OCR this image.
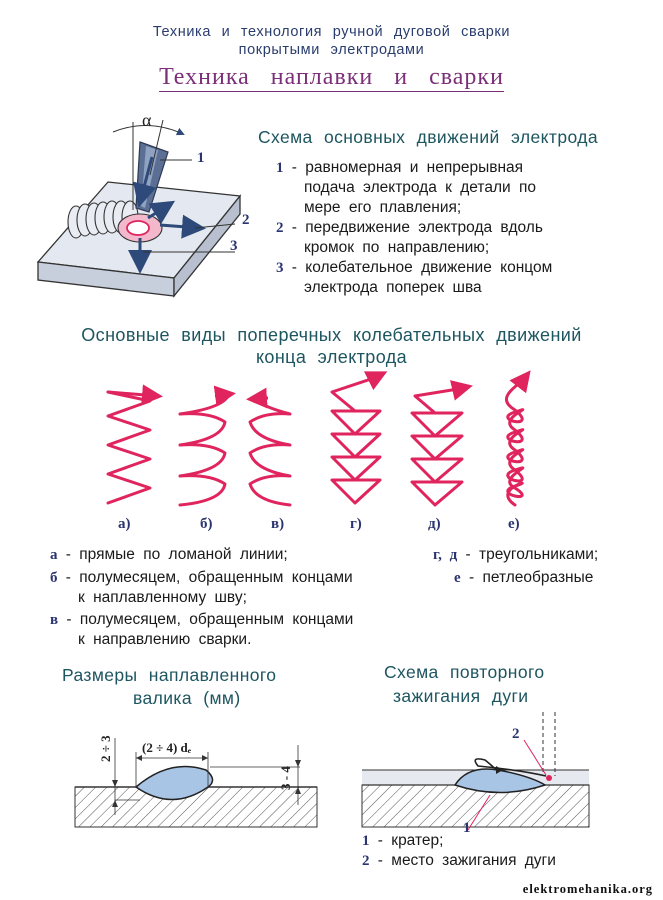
Техника и технология ручной дуговой сварки
покрытыми электродами
Техника наплавки и сварки
1
2
3
α
Схема основных движений электрода
1 - равномерная и непрерывная
подача электрода к детали по
мере его плавления;
2 - передвижение электрода вдоль
кромок по направлению;
3 - колебательное движение концом
электрода поперек шва
Основные виды поперечных колебательных движений
конца электрода
а)	б)	в)	г)	д)	е)
а - прямые по ломаной линии;
б - полумесяцем, обращенным концами
к наплавленному шву;
в - полумесяцем, обращенным концами
к направлению сварки.
г, д - треугольниками;
е - петлеобразные
Размеры наплавленного
валика (мм)
(2 ÷ 4) dₑ
3 - 4
2 ÷ 3
Схема повторного
зажигания дуги
2
1
1 - кратер;
2 - место зажигания дуги
elektromehanika.org
